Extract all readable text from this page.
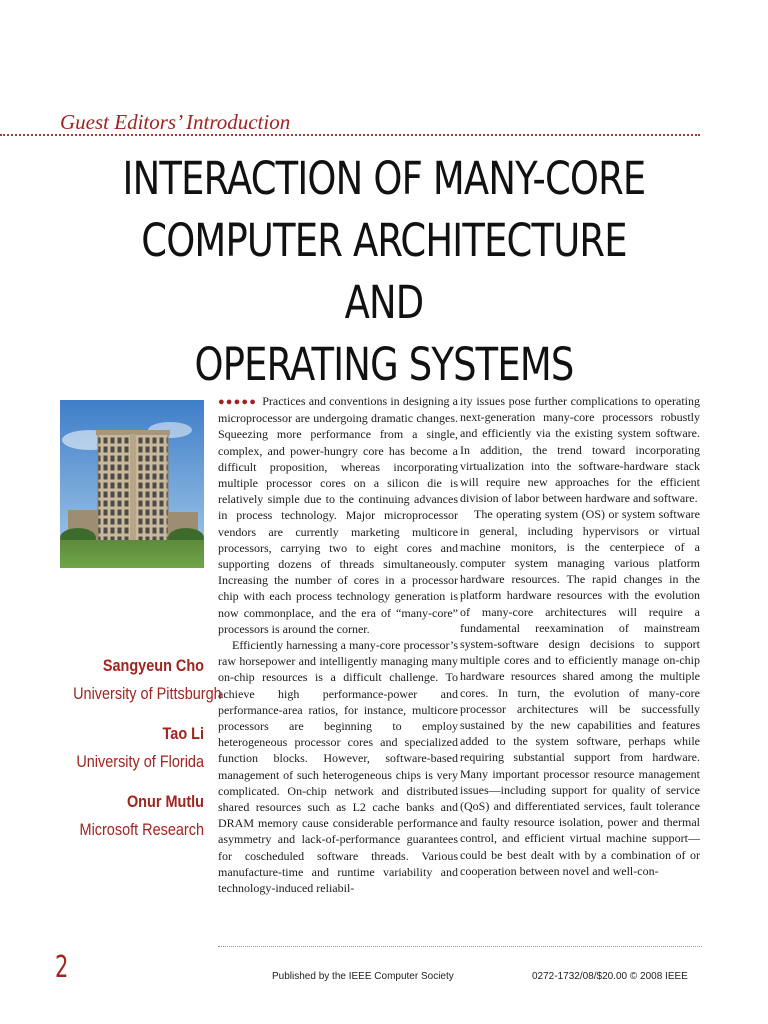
Guest Editors’ Introduction
INTERACTION OF MANY-CORE
COMPUTER ARCHITECTURE AND
OPERATING SYSTEMS
Sangyeun Cho
University of Pittsburgh
Tao Li
University of Florida
Onur Mutlu
Microsoft Research

●●●●● Practices and conventions in designing a microprocessor are undergoing dramatic changes. Squeezing more performance from a single, complex, and power-hungry core has become a difficult proposition, whereas incorporating multiple processor cores on a silicon die is relatively simple due to the continuing advances in process technology. Major microprocessor vendors are currently marketing multicore processors, carrying two to eight cores and supporting dozens of threads simultaneously. Increasing the number of cores in a processor chip with each process technology generation is now commonplace, and the era of “many-core” processors is around the corner.

Efficiently harnessing a many-core processor’s raw horsepower and intelligently managing many on-chip resources is a difficult challenge. To achieve high performance-power and performance-area ratios, for instance, multicore processors are beginning to employ heterogeneous processor cores and specialized function blocks. However, software-based management of such heterogeneous chips is very complicated. On-chip network and distributed shared resources such as L2 cache banks and DRAM memory cause considerable performance asymmetry and lack-of-performance guarantees for coscheduled software threads. Various manufacture-time and runtime variability and technology-induced reliabil-

ity issues pose further complications to operating next-generation many-core processors robustly and efficiently via the existing system software. In addition, the trend toward incorporating virtualization into the software-hardware stack will require new approaches for the efficient division of labor between hardware and software.

The operating system (OS) or system software in general, including hypervisors or virtual machine monitors, is the centerpiece of a computer system managing various platform hardware resources. The rapid changes in the platform hardware resources with the evolution of many-core architectures will require a fundamental reexamination of mainstream system-software design decisions to support multiple cores and to efficiently manage on-chip hardware resources shared among the multiple cores. In turn, the evolution of many-core processor architectures will be successfully sustained by the new capabilities and features added to the system software, perhaps while requiring substantial support from hardware. Many important processor resource management issues—including support for quality of service (QoS) and differentiated services, fault tolerance and faulty resource isolation, power and thermal control, and efficient virtual machine support—could be best dealt with by a combination of or cooperation between novel and well-con-

2	Published by the IEEE Computer Society	0272-1732/08/$20.00 © 2008 IEEE
